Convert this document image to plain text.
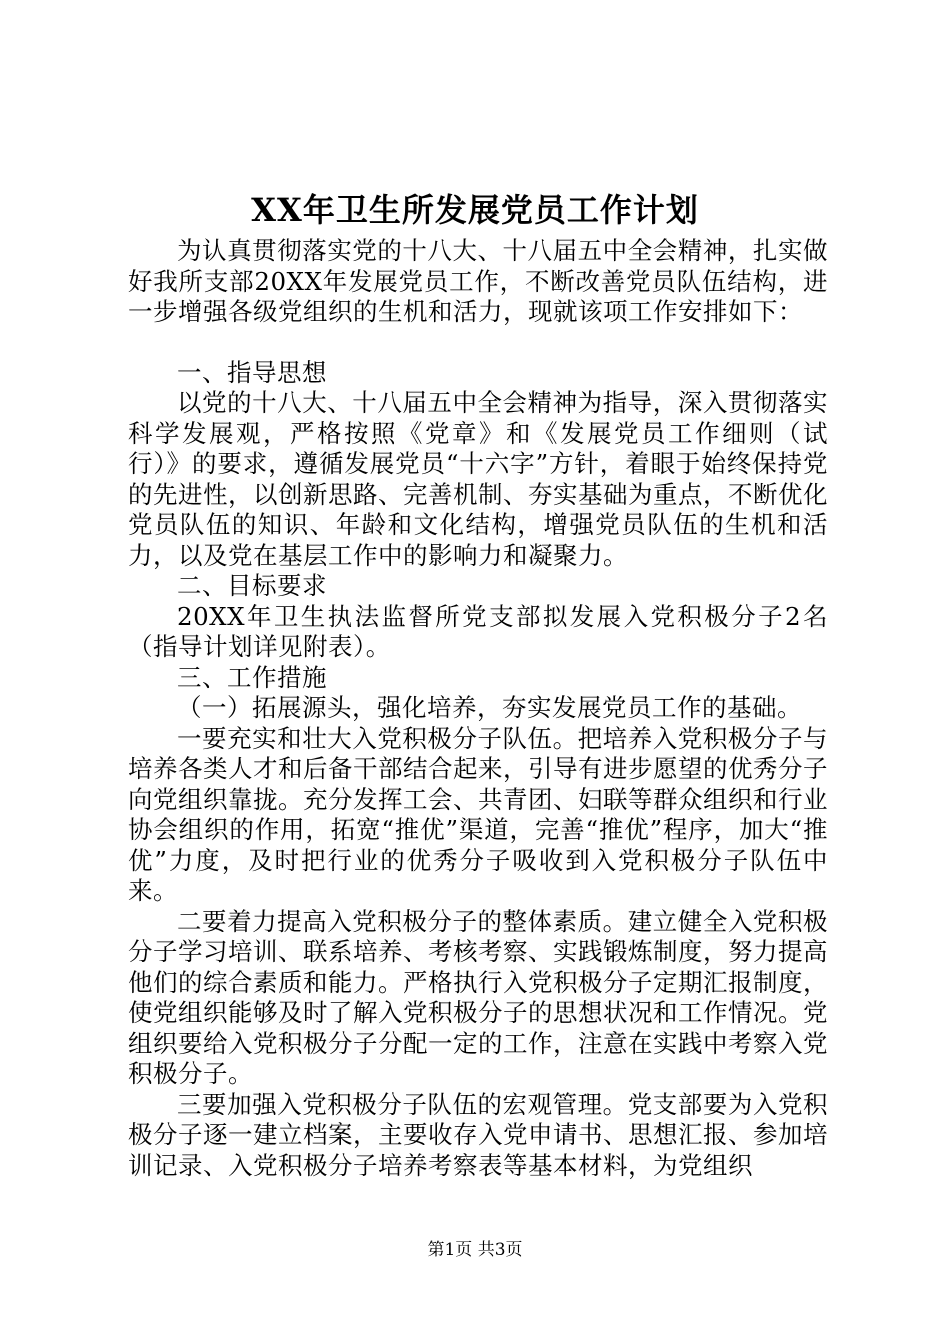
XX年卫生所发展党员工作计划

为认真贯彻落实党的十八大、十八届五中全会精神，扎实做好我所支部20XX年发展党员工作，不断改善党员队伍结构，进一步增强各级党组织的生机和活力，现就该项工作安排如下：

一、指导思想

以党的十八大、十八届五中全会精神为指导，深入贯彻落实科学发展观，严格按照《党章》和《发展党员工作细则（试行）》的要求，遵循发展党员“十六字”方针，着眼于始终保持党的先进性，以创新思路、完善机制、夯实基础为重点，不断优化党员队伍的知识、年龄和文化结构，增强党员队伍的生机和活力，以及党在基层工作中的影响力和凝聚力。

二、目标要求

20XX年卫生执法监督所党支部拟发展入党积极分子2名（指导计划详见附表）。

三、工作措施

（一）拓展源头，强化培养，夯实发展党员工作的基础。

一要充实和壮大入党积极分子队伍。把培养入党积极分子与培养各类人才和后备干部结合起来，引导有进步愿望的优秀分子向党组织靠拢。充分发挥工会、共青团、妇联等群众组织和行业协会组织的作用，拓宽“推优”渠道，完善“推优”程序，加大“推优”力度，及时把行业的优秀分子吸收到入党积极分子队伍中来。

二要着力提高入党积极分子的整体素质。建立健全入党积极分子学习培训、联系培养、考核考察、实践锻炼制度，努力提高他们的综合素质和能力。严格执行入党积极分子定期汇报制度，使党组织能够及时了解入党积极分子的思想状况和工作情况。党组织要给入党积极分子分配一定的工作，注意在实践中考察入党积极分子。

三要加强入党积极分子队伍的宏观管理。党支部要为入党积极分子逐一建立档案，主要收存入党申请书、思想汇报、参加培训记录、入党积极分子培养考察表等基本材料，为党组织

第1页 共3页
